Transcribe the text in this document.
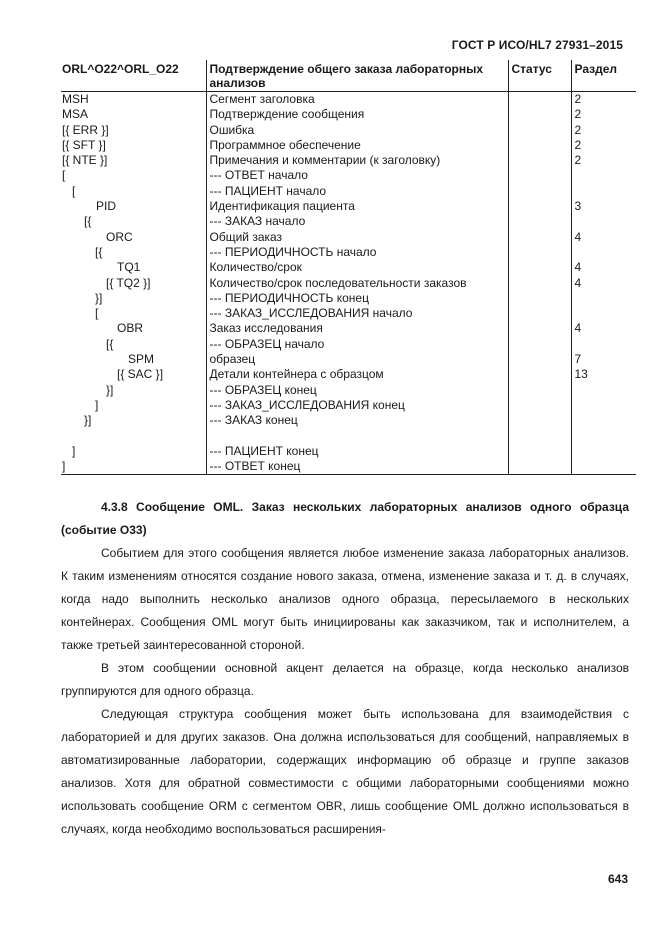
ГОСТ Р ИСО/HL7 27931–2015
ORL^O22^ORL_O22	Подтверждение общего заказа лабораторных анализов	Статус	Раздел
MSH	Сегмент заголовка		2
MSA	Подтверждение сообщения		2
[{ ERR }]	Ошибка		2
[{ SFT }]	Программное обеспечение		2
[{ NTE }]	Примечания и комментарии (к заголовку)		2
[	--- ОТВЕТ начало		
[	--- ПАЦИЕНТ начало		
PID	Идентификация пациента		3
[{	--- ЗАКАЗ начало		
ORC	Общий заказ		4
[{	--- ПЕРИОДИЧНОСТЬ начало		
TQ1	Количество/срок		4
[{ TQ2 }]	Количество/срок последовательности заказов		4
}]	--- ПЕРИОДИЧНОСТЬ конец		
[	--- ЗАКАЗ_ИССЛЕДОВАНИЯ начало		
OBR	Заказ исследования		4
[{	--- ОБРАЗЕЦ начало		
SPM	образец		7
[{ SAC }]	Детали контейнера с образцом		13
}]	--- ОБРАЗЕЦ конец		
]	--- ЗАКАЗ_ИССЛЕДОВАНИЯ конец		
}]	--- ЗАКАЗ конец		

]	--- ПАЦИЕНТ конец		
]	--- ОТВЕТ конец		

4.3.8 Сообщение OML. Заказ нескольких лабораторных анализов одного образца (событие O33)

Событием для этого сообщения является любое изменение заказа лабораторных анализов. К таким изменениям относятся создание нового заказа, отмена, изменение заказа и т. д. в случаях, когда надо выполнить несколько анализов одного образца, пересылаемого в нескольких контейнерах. Сообщения OML могут быть инициированы как заказчиком, так и исполнителем, а также третьей заинтересованной стороной.

В этом сообщении основной акцент делается на образце, когда несколько анализов группируются для одного образца.

Следующая структура сообщения может быть использована для взаимодействия с лабораторией и для других заказов. Она должна использоваться для сообщений, направляемых в автоматизированные лаборатории, содержащих информацию об образце и группе заказов анализов. Хотя для обратной совместимости с общими лабораторными сообщениями можно использовать сообщение ORM с сегментом OBR, лишь сообщение OML должно использоваться в случаях, когда необходимо воспользоваться расширения-

643
